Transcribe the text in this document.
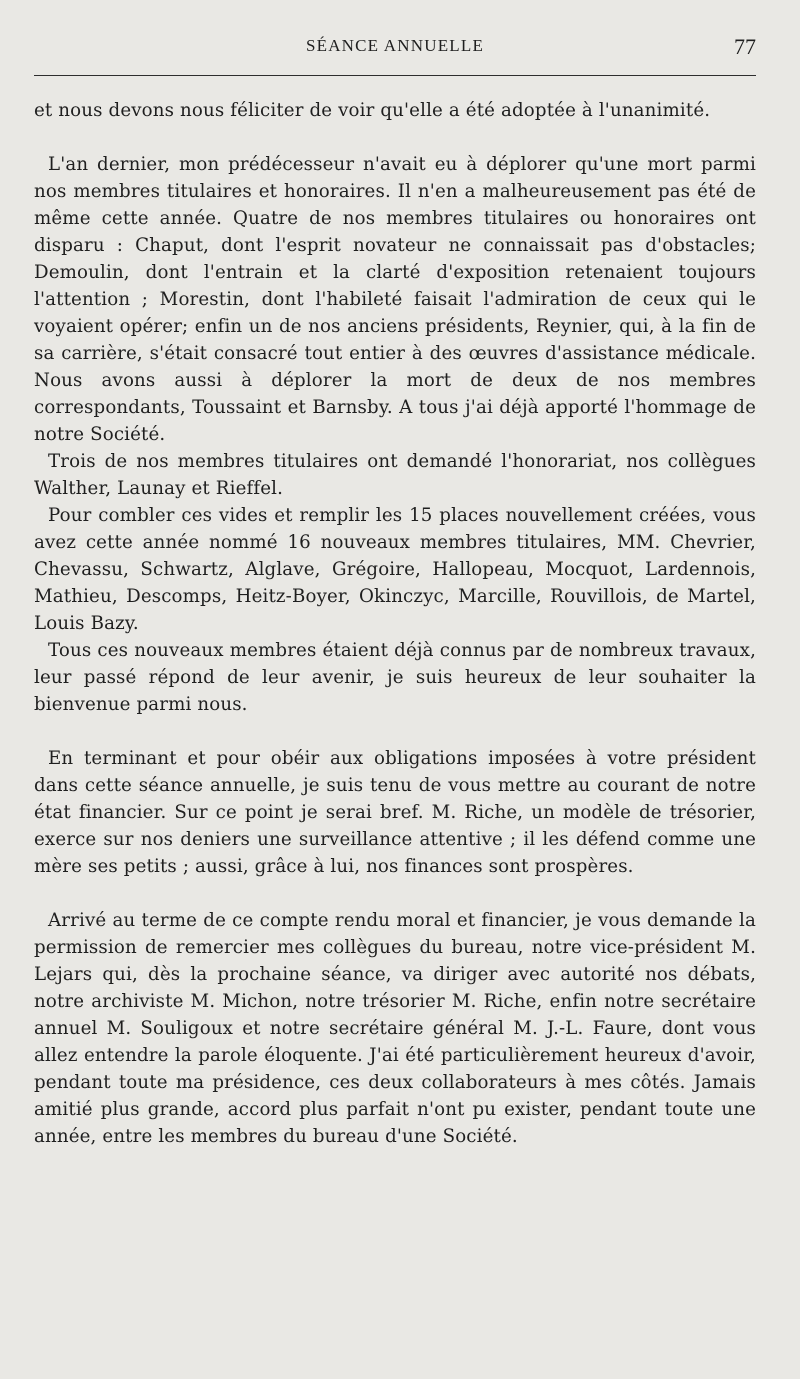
SÉANCE ANNUELLE	77

et nous devons nous féliciter de voir qu'elle a été adoptée à l'unanimité.

L'an dernier, mon prédécesseur n'avait eu à déplorer qu'une mort parmi nos membres titulaires et honoraires. Il n'en a malheureusement pas été de même cette année. Quatre de nos membres titulaires ou honoraires ont disparu : Chaput, dont l'esprit novateur ne connaissait pas d'obstacles; Demoulin, dont l'entrain et la clarté d'exposition retenaient toujours l'attention ; Morestin, dont l'habileté faisait l'admiration de ceux qui le voyaient opérer; enfin un de nos anciens présidents, Reynier, qui, à la fin de sa carrière, s'était consacré tout entier à des œuvres d'assistance médicale. Nous avons aussi à déplorer la mort de deux de nos membres correspondants, Toussaint et Barnsby. A tous j'ai déjà apporté l'hommage de notre Société.

Trois de nos membres titulaires ont demandé l'honorariat, nos collègues Walther, Launay et Rieffel.

Pour combler ces vides et remplir les 15 places nouvellement créées, vous avez cette année nommé 16 nouveaux membres titulaires, MM. Chevrier, Chevassu, Schwartz, Alglave, Grégoire, Hallopeau, Mocquot, Lardennois, Mathieu, Descomps, Heitz-Boyer, Okinczyc, Marcille, Rouvillois, de Martel, Louis Bazy.

Tous ces nouveaux membres étaient déjà connus par de nombreux travaux, leur passé répond de leur avenir, je suis heureux de leur souhaiter la bienvenue parmi nous.

En terminant et pour obéir aux obligations imposées à votre président dans cette séance annuelle, je suis tenu de vous mettre au courant de notre état financier. Sur ce point je serai bref. M. Riche, un modèle de trésorier, exerce sur nos deniers une surveillance attentive ; il les défend comme une mère ses petits ; aussi, grâce à lui, nos finances sont prospères.

Arrivé au terme de ce compte rendu moral et financier, je vous demande la permission de remercier mes collègues du bureau, notre vice-président M. Lejars qui, dès la prochaine séance, va diriger avec autorité nos débats, notre archiviste M. Michon, notre trésorier M. Riche, enfin notre secrétaire annuel M. Souligoux et notre secrétaire général M. J.-L. Faure, dont vous allez entendre la parole éloquente. J'ai été particulièrement heureux d'avoir, pendant toute ma présidence, ces deux collaborateurs à mes côtés. Jamais amitié plus grande, accord plus parfait n'ont pu exister, pendant toute une année, entre les membres du bureau d'une Société.
